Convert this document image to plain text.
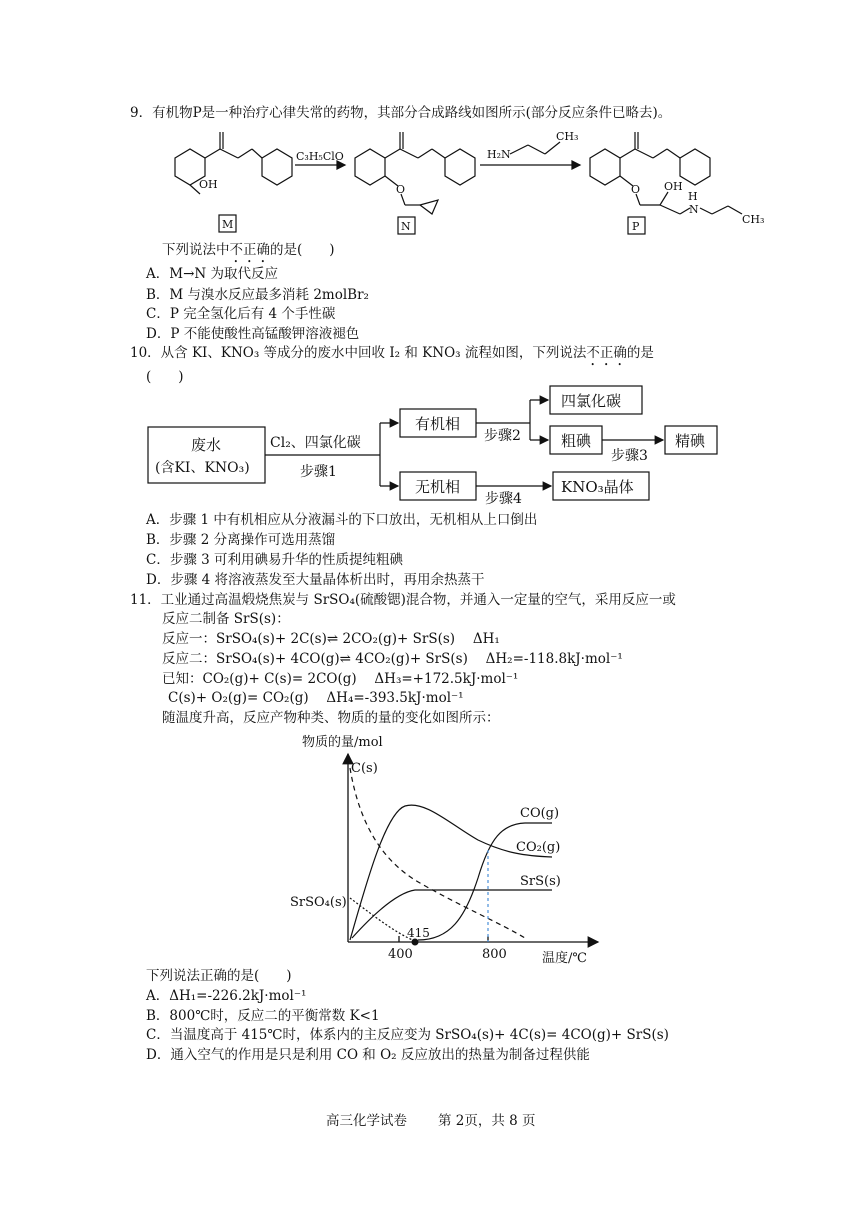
9．有机物P是一种治疗心律失常的药物，其部分合成路线如图所示(部分反应条件已略去)。
OH	O	O
C₃H₅ClO	H₂N
CH₃
OH
H
N
CH₃
M	N	P
下列说法中不正确的是(　　)
A．M→N 为取代反应
B．M 与溴水反应最多消耗 2molBr₂
C．P 完全氢化后有 4 个手性碳
D．P 不能使酸性高锰酸钾溶液褪色
10．从含 KI、KNO₃ 等成分的废水中回收 I₂ 和 KNO₃ 流程如图，下列说法不正确的是
(　　)
废水
(含KI、KNO₃)
Cl₂、四氯化碳
步骤1
有机相
无机相
步骤2
四氯化碳
粗碘
步骤3
精碘
步骤4
KNO₃晶体
A．步骤 1 中有机相应从分液漏斗的下口放出，无机相从上口倒出
B．步骤 2 分离操作可选用蒸馏
C．步骤 3 可利用碘易升华的性质提纯粗碘
D．步骤 4 将溶液蒸发至大量晶体析出时，再用余热蒸干
11．工业通过高温煅烧焦炭与 SrSO₄(硫酸锶)混合物，并通入一定量的空气，采用反应一或
反应二制备 SrS(s)：
反应一：SrSO₄(s)+ 2C(s)⇌ 2CO₂(g)+ SrS(s)　 ΔH₁
反应二：SrSO₄(s)+ 4CO(g)⇌ 4CO₂(g)+ SrS(s)　 ΔH₂=-118.8kJ·mol⁻¹
已知：CO₂(g)+ C(s)= 2CO(g)　 ΔH₃=+172.5kJ·mol⁻¹
C(s)+ O₂(g)= CO₂(g)　 ΔH₄=-393.5kJ·mol⁻¹
随温度升高，反应产物种类、物质的量的变化如图所示：
物质的量/mol
温度/℃
400	800
415
C(s)
CO(g)
CO₂(g)
SrS(s)
SrSO₄(s)
下列说法正确的是(　　)
A．ΔH₁=-226.2kJ·mol⁻¹
B．800℃时，反应二的平衡常数 K<1
C．当温度高于 415℃时，体系内的主反应变为 SrSO₄(s)+ 4C(s)= 4CO(g)+ SrS(s)
D．通入空气的作用是只是利用 CO 和 O₂ 反应放出的热量为制备过程供能
高三化学试卷 第 2页，共 8 页
